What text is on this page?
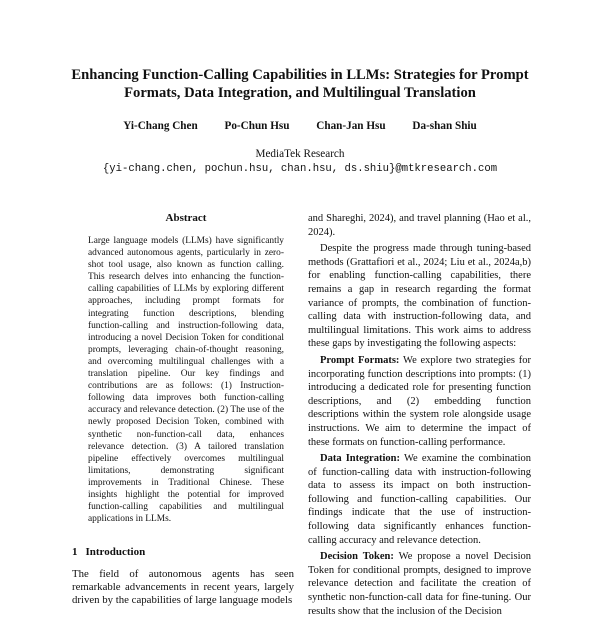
Enhancing Function-Calling Capabilities in LLMs: Strategies for Prompt Formats, Data Integration, and Multilingual Translation
Yi-Chang Chen Po-Chun Hsu Chan-Jan Hsu Da-shan Shiu
MediaTek Research
{yi-chang.chen, pochun.hsu, chan.hsu, ds.shiu}@mtkresearch.com
Abstract
Large language models (LLMs) have significantly advanced autonomous agents, particularly in zero-shot tool usage, also known as function calling. This research delves into enhancing the function-calling capabilities of LLMs by exploring different approaches, including prompt formats for integrating function descriptions, blending function-calling and instruction-following data, introducing a novel Decision Token for conditional prompts, leveraging chain-of-thought reasoning, and overcoming multilingual challenges with a translation pipeline. Our key findings and contributions are as follows: (1) Instruction-following data improves both function-calling accuracy and relevance detection. (2) The use of the newly proposed Decision Token, combined with synthetic non-function-call data, enhances relevance detection. (3) A tailored translation pipeline effectively overcomes multilingual limitations, demonstrating significant improvements in Traditional Chinese. These insights highlight the potential for improved function-calling capabilities and multilingual applications in LLMs.
1 Introduction
The field of autonomous agents has seen remarkable advancements in recent years, largely driven by the capabilities of large language models

and Shareghi, 2024), and travel planning (Hao et al., 2024).

Despite the progress made through tuning-based methods (Grattafiori et al., 2024; Liu et al., 2024a,b) for enabling function-calling capabilities, there remains a gap in research regarding the format variance of prompts, the combination of function-calling data with instruction-following data, and multilingual limitations. This work aims to address these gaps by investigating the following aspects:

Prompt Formats: We explore two strategies for incorporating function descriptions into prompts: (1) introducing a dedicated role for presenting function descriptions, and (2) embedding function descriptions within the system role alongside usage instructions. We aim to determine the impact of these formats on function-calling performance.

Data Integration: We examine the combination of function-calling data with instruction-following data to assess its impact on both instruction-following and function-calling capabilities. Our findings indicate that the use of instruction-following data significantly enhances function-calling accuracy and relevance detection.

Decision Token: We propose a novel Decision Token for conditional prompts, designed to improve relevance detection and facilitate the creation of synthetic non-function-call data for fine-tuning. Our results show that the inclusion of the Decision
